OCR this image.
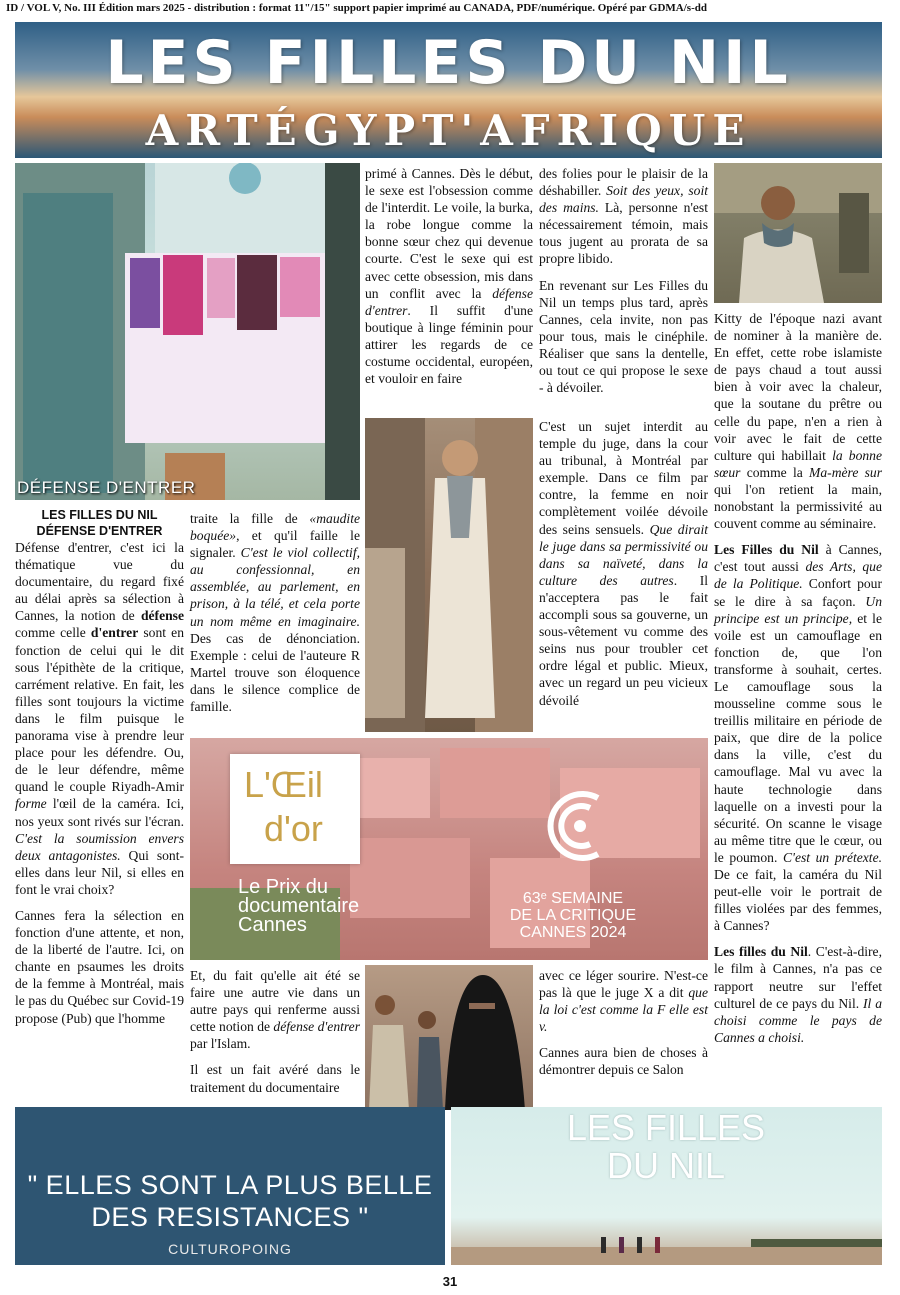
ID / VOL V, No. III Édition mars 2025 - distribution : format 11"/15" support papier imprimé au CANADA, PDF/numérique. Opéré par GDMA/s-dd
LES FILLES DU NIL
ARTÉGYPT'AFRIQUE
DÉFENSE D'ENTRER
LES FILLES DU NIL
DÉFENSE D'ENTRER

Défense d'entrer, c'est ici la thématique vue du documentaire, du regard fixé au délai après sa sélection à Cannes, la notion de défense comme celle d'entrer sont en fonction de celui qui le dit sous l'épithète de la critique, carrément relative. En fait, les filles sont toujours la victime dans le film puisque le panorama vise à prendre leur place pour les défendre. Ou, de le leur défendre, même quand le couple Riyadh-Amir forme l'œil de la caméra. Ici, nos yeux sont rivés sur l'écran. C'est la soumission envers deux antagonistes. Qui sont-elles dans leur Nil, si elles en font le vrai choix?

Cannes fera la sélection en fonction d'une attente, et non, de la liberté de l'autre. Ici, on chante en psaumes les droits de la femme à Montréal, mais le pas du Québec sur Covid-19 propose (Pub) que l'homme

primé à Cannes. Dès le début, le sexe est l'obsession comme de l'interdit. Le voile, la burka, la robe longue comme la bonne sœur chez qui devenue courte. C'est le sexe qui est avec cette obsession, mis dans un conflit avec la défense d'entrer. Il suffit d'une boutique à linge féminin pour attirer les regards de ce costume occidental, européen, et vouloir en faire

traite la fille de «maudite boquée», et qu'il faille le signaler. C'est le viol collectif, au confessionnal, en assemblée, au parlement, en prison, à la télé, et cela porte un nom même en imaginaire. Des cas de dénonciation. Exemple : celui de l'auteure R Martel trouve son éloquence dans le silence complice de famille.

Et, du fait qu'elle ait été se faire une autre vie dans un autre pays qui renferme aussi cette notion de défense d'entrer par l'Islam.

Il est un fait avéré dans le traitement du documentaire

des folies pour le plaisir de la déshabiller. Soit des yeux, soit des mains. Là, personne n'est nécessairement témoin, mais tous jugent au prorata de sa propre libido.

En revenant sur Les Filles du Nil un temps plus tard, après Cannes, cela invite, non pas pour tous, mais le cinéphile. Réaliser que sans la dentelle, ou tout ce qui propose le sexe - à dévoiler.

C'est un sujet interdit au temple du juge, dans la cour au tribunal, à Montréal par exemple. Dans ce film par contre, la femme en noir complètement voilée dévoile des seins sensuels. Que dirait le juge dans sa permissivité ou dans sa naïveté, dans la culture des autres. Il n'acceptera pas le fait accompli sous sa gouverne, un sous-vêtement vu comme des seins nus pour troubler cet ordre légal et public. Mieux, avec un regard un peu vicieux dévoilé

Kitty de l'époque nazi avant de nominer à la manière de. En effet, cette robe islamiste de pays chaud a tout aussi bien à voir avec la chaleur, que la soutane du prêtre ou celle du pape, n'en a rien à voir avec le fait de cette culture qui habillait la bonne sœur comme la Ma-mère sur qui l'on retient la main, nonobstant la permissivité au couvent comme au séminaire.

Les Filles du Nil à Cannes, c'est tout aussi des Arts, que de la Politique. Confort pour se le dire à sa façon. Un principe est un principe, et le voile est un camouflage en fonction de, que l'on transforme à souhait, certes. Le camouflage sous la mousseline comme sous le treillis militaire en période de paix, que dire de la police dans la ville, c'est du camouflage. Mal vu avec la haute technologie dans laquelle on a investi pour la sécurité. On scanne le visage au même titre que le cœur, ou le poumon. C'est un prétexte. De ce fait, la caméra du Nil peut-elle voir le portrait de filles violées par des femmes, à Cannes?

Les filles du Nil. C'est-à-dire, le film à Cannes, n'a pas ce rapport neutre sur l'effet culturel de ce pays du Nil. Il a choisi comme le pays de Cannes a choisi.

L'Œil
d'or
Le Prix du
documentaire
Cannes
63ᵉ SEMAINE
DE LA CRITIQUE
CANNES 2024

avec ce léger sourire. N'est-ce pas là que le juge X a dit que la loi c'est comme la F elle est v.

Cannes aura bien de choses à démontrer depuis ce Salon

" ELLES SONT LA PLUS BELLE
DES RESISTANCES "
CULTUROPOING
LES FILLES
DU NIL
31
